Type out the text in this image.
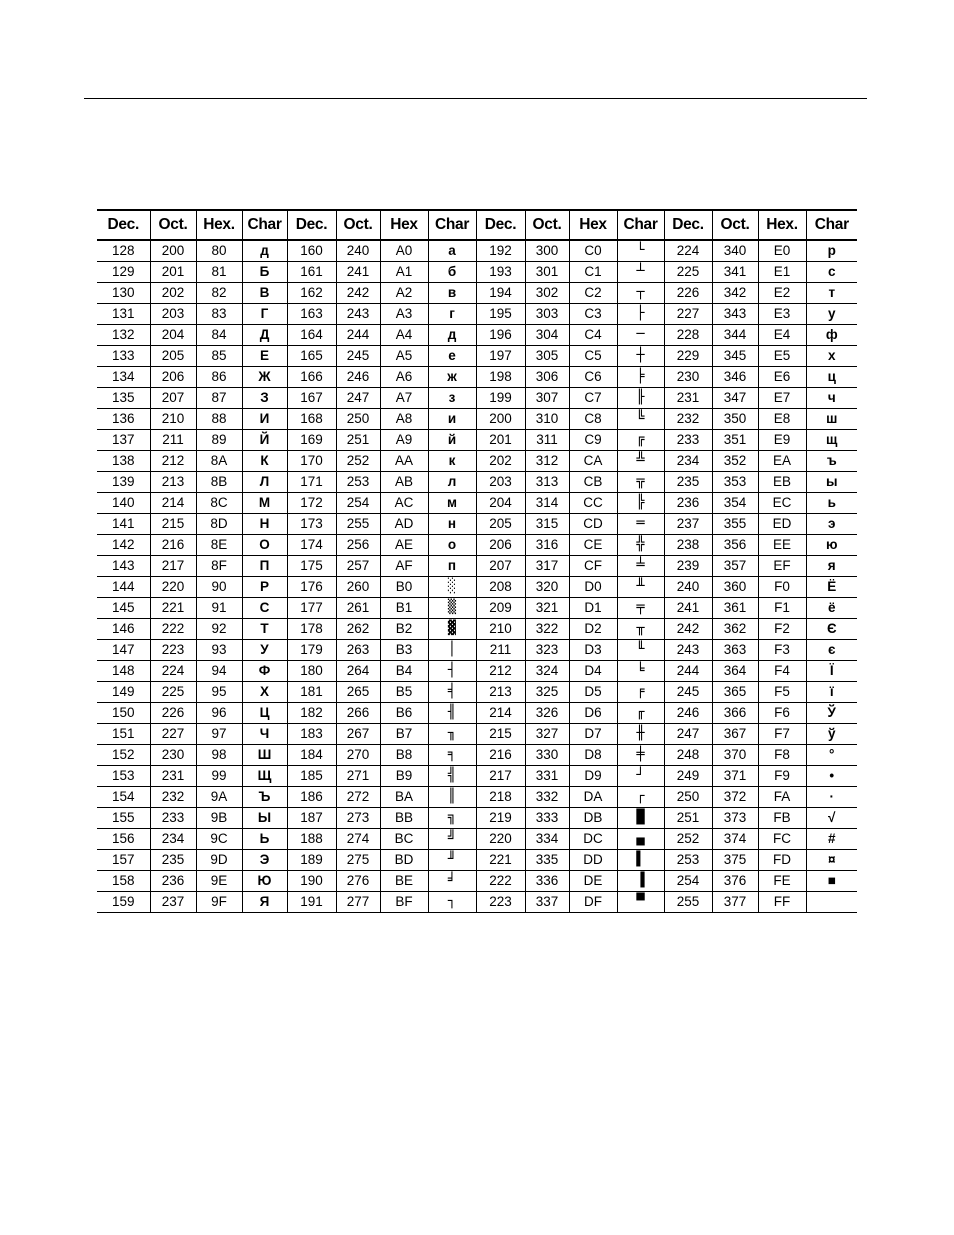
Dec.	Oct.	Hex.	Char	Dec.	Oct.	Hex	Char	Dec.	Oct.	Hex	Char	Dec.	Oct.	Hex.	Char
128	200	80	д	160	240	A0	а	192	300	C0	└	224	340	E0	р
129	201	81	Б	161	241	A1	б	193	301	C1	┴	225	341	E1	с
130	202	82	В	162	242	A2	в	194	302	C2	┬	226	342	E2	т
131	203	83	Г	163	243	A3	г	195	303	C3	├	227	343	E3	у
132	204	84	Д	164	244	A4	д	196	304	C4	─	228	344	E4	ф
133	205	85	Е	165	245	A5	е	197	305	C5	┼	229	345	E5	х
134	206	86	Ж	166	246	A6	ж	198	306	C6	╞	230	346	E6	ц
135	207	87	З	167	247	A7	з	199	307	C7	╟	231	347	E7	ч
136	210	88	И	168	250	A8	и	200	310	C8	╚	232	350	E8	ш
137	211	89	Й	169	251	A9	й	201	311	C9	╔	233	351	E9	щ
138	212	8A	К	170	252	AA	к	202	312	CA	╩	234	352	EA	ъ
139	213	8B	Л	171	253	AB	л	203	313	CB	╦	235	353	EB	ы
140	214	8C	М	172	254	AC	м	204	314	CC	╠	236	354	EC	ь
141	215	8D	Н	173	255	AD	н	205	315	CD	═	237	355	ED	э
142	216	8E	О	174	256	AE	о	206	316	CE	╬	238	356	EE	ю
143	217	8F	П	175	257	AF	п	207	317	CF	╧	239	357	EF	я
144	220	90	Р	176	260	B0	░	208	320	D0	╨	240	360	F0	Ё
145	221	91	С	177	261	B1	▒	209	321	D1	╤	241	361	F1	ё
146	222	92	Т	178	262	B2	▓	210	322	D2	╥	242	362	F2	Є
147	223	93	У	179	263	B3	│	211	323	D3	╙	243	363	F3	є
148	224	94	Ф	180	264	B4	┤	212	324	D4	╘	244	364	F4	Ї
149	225	95	Х	181	265	B5	╡	213	325	D5	╒	245	365	F5	ї
150	226	96	Ц	182	266	B6	╢	214	326	D6	╓	246	366	F6	Ў
151	227	97	Ч	183	267	B7	╖	215	327	D7	╫	247	367	F7	ў
152	230	98	Ш	184	270	B8	╕	216	330	D8	╪	248	370	F8	°
153	231	99	Щ	185	271	B9	╣	217	331	D9	┘	249	371	F9	•
154	232	9A	Ъ	186	272	BA	║	218	332	DA	┌	250	372	FA	·
155	233	9B	Ы	187	273	BB	╗	219	333	DB	█	251	373	FB	√
156	234	9C	Ь	188	274	BC	╝	220	334	DC	▄	252	374	FC	#
157	235	9D	Э	189	275	BD	╜	221	335	DD	▌	253	375	FD	¤
158	236	9E	Ю	190	276	BE	╛	222	336	DE	▐	254	376	FE	■
159	237	9F	Я	191	277	BF	┐	223	337	DF	▀	255	377	FF	
